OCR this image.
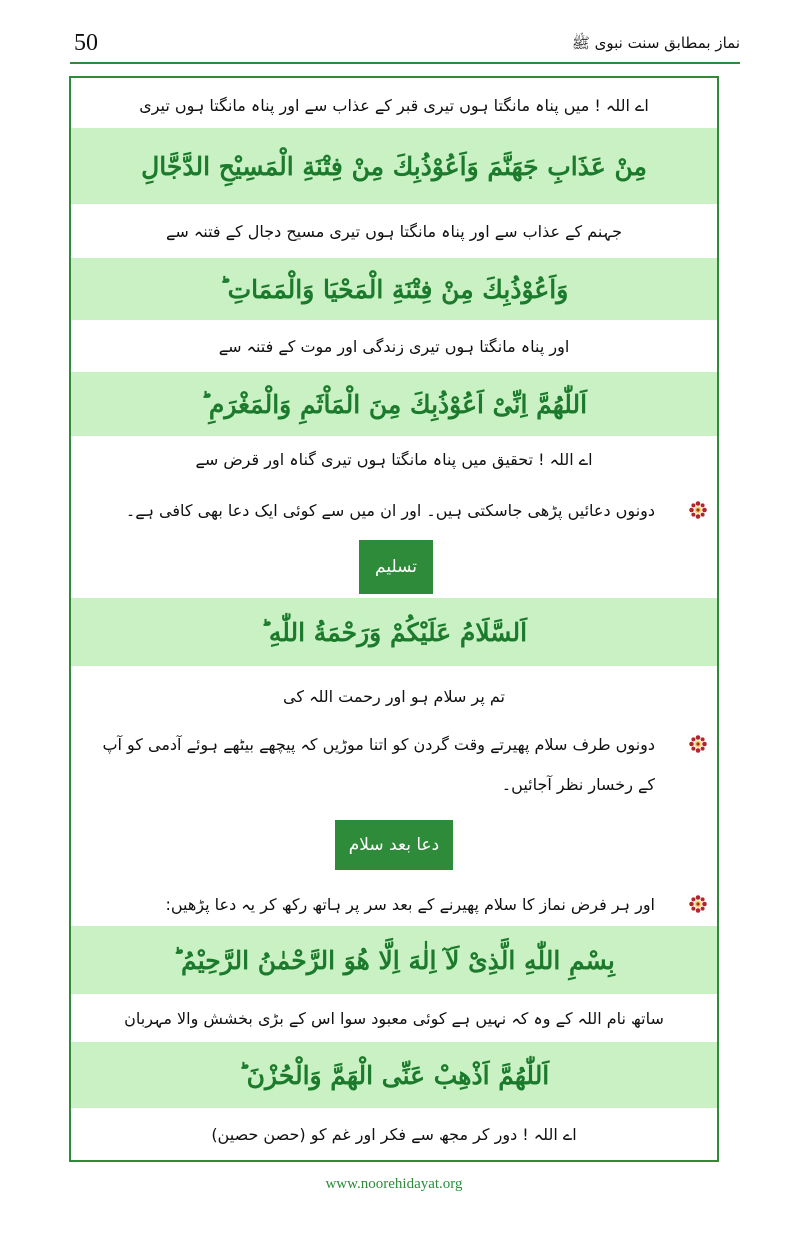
50	نماز بمطابق سنت نبوی ﷺ
اے اللہ ! میں پناہ مانگتا ہوں تیری قبر کے عذاب سے اور پناہ مانگتا ہوں تیری
مِنْ عَذَابِ جَهَنَّمَ وَاَعُوْذُبِكَ مِنْ فِتْنَةِ الْمَسِيْحِ الدَّجَّالِ
جہنم کے عذاب سے اور پناہ مانگتا ہوں تیری مسیح دجال کے فتنہ سے
وَاَعُوْذُبِكَ مِنْ فِتْنَةِ الْمَحْيَا وَالْمَمَاتِ ؕ
اور پناہ مانگتا ہوں تیری زندگی اور موت کے فتنہ سے
اَللّٰهُمَّ اِنِّىْ اَعُوْذُبِكَ مِنَ الْمَاْثَمِ وَالْمَغْرَمِ ؕ
اے اللہ ! تحقیق میں پناہ مانگتا ہوں تیری گناہ اور قرض سے
دونوں دعائیں پڑھی جاسکتی ہیں۔ اور ان میں سے کوئی ایک دعا بھی کافی ہے۔
تسلیم
اَلسَّلَامُ عَلَيْكُمْ وَرَحْمَةُ اللّٰهِ ؕ
تم پر سلام ہو اور رحمت اللہ کی
دونوں طرف سلام پھیرتے وقت گردن کو اتنا موڑیں کہ پیچھے بیٹھے ہوئے آدمی کو آپ
کے رخسار نظر آجائیں۔
دعا بعد سلام
اور ہر فرض نماز کا سلام پھیرنے کے بعد سر پر ہاتھ رکھ کر یہ دعا پڑھیں:
بِسْمِ اللّٰهِ الَّذِىْ لَآ اِلٰهَ اِلَّا هُوَ الرَّحْمٰنُ الرَّحِيْمُ ؕ
ساتھ نام اللہ کے وہ کہ نہیں ہے کوئی معبود سوا اس کے بڑی بخشش والا مہربان
اَللّٰهُمَّ اَذْهِبْ عَنِّى الْهَمَّ وَالْحُزْنَ ؕ
اے اللہ ! دور کر مجھ سے فکر اور غم کو (حصن حصین)
www.noorehidayat.org
